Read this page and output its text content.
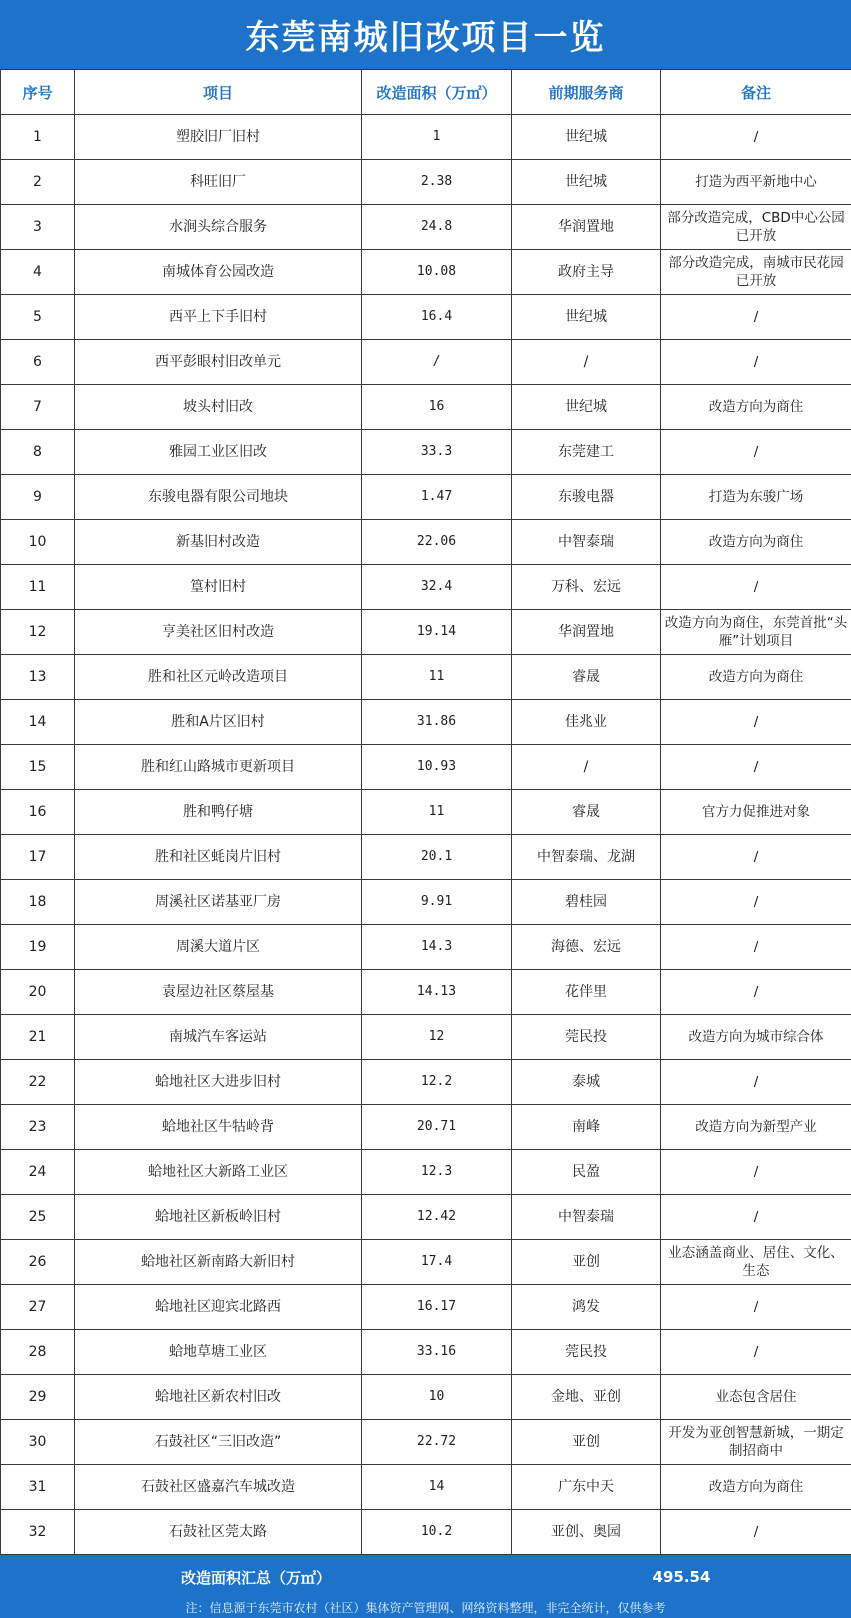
东莞南城旧改项目一览
序号	项目	改造面积（万㎡）	前期服务商	备注
1	塑胶旧厂旧村	1	世纪城	/
2	科旺旧厂	2.38	世纪城	打造为西平新地中心
3	水涧头综合服务	24.8	华润置地	部分改造完成，CBD中心公园已开放
4	南城体育公园改造	10.08	政府主导	部分改造完成，南城市民花园已开放
5	西平上下手旧村	16.4	世纪城	/
6	西平彭眼村旧改单元	/	/	/
7	坡头村旧改	16	世纪城	改造方向为商住
8	雅园工业区旧改	33.3	东莞建工	/
9	东骏电器有限公司地块	1.47	东骏电器	打造为东骏广场
10	新基旧村改造	22.06	中智泰瑞	改造方向为商住
11	篁村旧村	32.4	万科、宏远	/
12	亨美社区旧村改造	19.14	华润置地	改造方向为商住，东莞首批“头雁”计划项目
13	胜和社区元岭改造项目	11	睿晟	改造方向为商住
14	胜和A片区旧村	31.86	佳兆业	/
15	胜和红山路城市更新项目	10.93	/	/
16	胜和鸭仔塘	11	睿晟	官方力促推进对象
17	胜和社区蚝岗片旧村	20.1	中智泰瑞、龙湖	/
18	周溪社区诺基亚厂房	9.91	碧桂园	/
19	周溪大道片区	14.3	海德、宏远	/
20	袁屋边社区蔡屋基	14.13	花伴里	/
21	南城汽车客运站	12	莞民投	改造方向为城市综合体
22	蛤地社区大进步旧村	12.2	泰城	/
23	蛤地社区牛牯岭背	20.71	南峰	改造方向为新型产业
24	蛤地社区大新路工业区	12.3	民盈	/
25	蛤地社区新板岭旧村	12.42	中智泰瑞	/
26	蛤地社区新南路大新旧村	17.4	亚创	业态涵盖商业、居住、文化、生态
27	蛤地社区迎宾北路西	16.17	鸿发	/
28	蛤地草塘工业区	33.16	莞民投	/
29	蛤地社区新农村旧改	10	金地、亚创	业态包含居住
30	石鼓社区“三旧改造”	22.72	亚创	开发为亚创智慧新城，一期定制招商中
31	石鼓社区盛嘉汽车城改造	14	广东中天	改造方向为商住
32	石鼓社区莞太路	10.2	亚创、奥园	/
改造面积汇总（万㎡）			495.54	
注：信息源于东莞市农村（社区）集体资产管理网、网络资料整理，非完全统计，仅供参考
